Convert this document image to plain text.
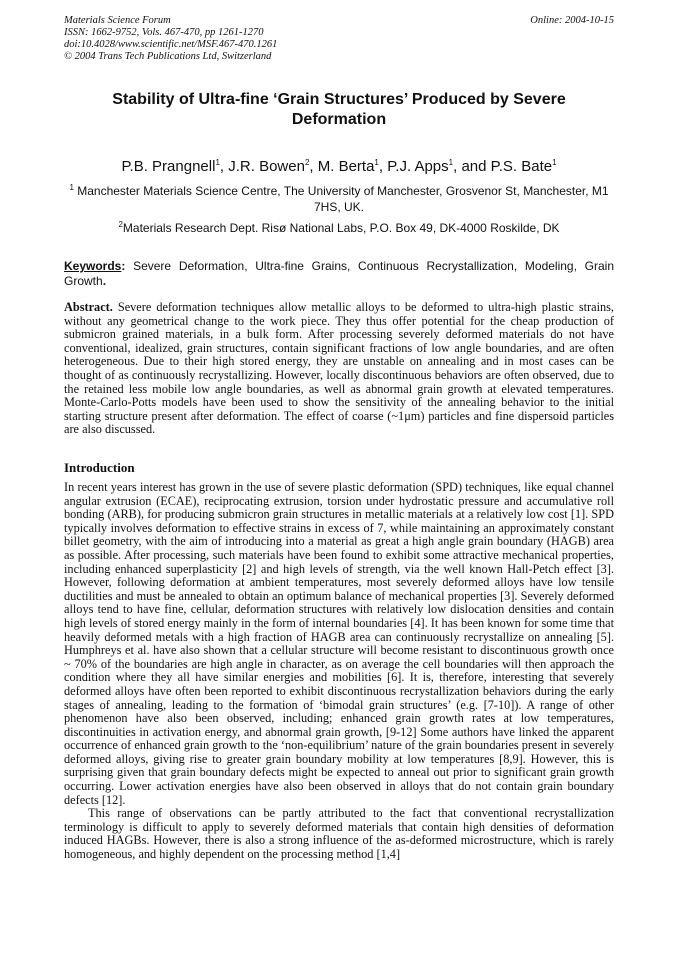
Materials Science Forum
ISSN: 1662-9752, Vols. 467-470, pp 1261-1270
doi:10.4028/www.scientific.net/MSF.467-470.1261
© 2004 Trans Tech Publications Ltd, Switzerland
Online: 2004-10-15
Stability of Ultra-fine ‘Grain Structures’ Produced by Severe Deformation
P.B. Prangnell$^1$, J.R. Bowen$^2$, M. Berta$^1$, P.J. Apps$^1$, and P.S. Bate$^1$
$^1$ Manchester Materials Science Centre, The University of Manchester, Grosvenor St, Manchester, M1 7HS, UK.
$^2$Materials Research Dept. Risø National Labs, P.O. Box 49, DK-4000 Roskilde, DK
Keywords: Severe Deformation, Ultra-fine Grains, Continuous Recrystallization, Modeling, Grain Growth.
Abstract. Severe deformation techniques allow metallic alloys to be deformed to ultra-high plastic strains, without any geometrical change to the work piece. They thus offer potential for the cheap production of submicron grained materials, in a bulk form. After processing severely deformed materials do not have conventional, idealized, grain structures, contain significant fractions of low angle boundaries, and are often heterogeneous. Due to their high stored energy, they are unstable on annealing and in most cases can be thought of as continuously recrystallizing. However, locally discontinuous behaviors are often observed, due to the retained less mobile low angle boundaries, as well as abnormal grain growth at elevated temperatures. Monte-Carlo-Potts models have been used to show the sensitivity of the annealing behavior to the initial starting structure present after deformation. The effect of coarse (~1μm) particles and fine dispersoid particles are also discussed.
Introduction

In recent years interest has grown in the use of severe plastic deformation (SPD) techniques, like equal channel angular extrusion (ECAE), reciprocating extrusion, torsion under hydrostatic pressure and accumulative roll bonding (ARB), for producing submicron grain structures in metallic materials at a relatively low cost [1]. SPD typically involves deformation to effective strains in excess of 7, while maintaining an approximately constant billet geometry, with the aim of introducing into a material as great a high angle grain boundary (HAGB) area as possible. After processing, such materials have been found to exhibit some attractive mechanical properties, including enhanced superplasticity [2] and high levels of strength, via the well known Hall-Petch effect [3]. However, following deformation at ambient temperatures, most severely deformed alloys have low tensile ductilities and must be annealed to obtain an optimum balance of mechanical properties [3]. Severely deformed alloys tend to have fine, cellular, deformation structures with relatively low dislocation densities and contain high levels of stored energy mainly in the form of internal boundaries [4]. It has been known for some time that heavily deformed metals with a high fraction of HAGB area can continuously recrystallize on annealing [5]. Humphreys et al. have also shown that a cellular structure will become resistant to discontinuous growth once ~ 70% of the boundaries are high angle in character, as on average the cell boundaries will then approach the condition where they all have similar energies and mobilities [6]. It is, therefore, interesting that severely deformed alloys have often been reported to exhibit discontinuous recrystallization behaviors during the early stages of annealing, leading to the formation of ‘bimodal grain structures’ (e.g. [7-10]). A range of other phenomenon have also been observed, including; enhanced grain growth rates at low temperatures, discontinuities in activation energy, and abnormal grain growth, [9-12] Some authors have linked the apparent occurrence of enhanced grain growth to the ‘non-equilibrium’ nature of the grain boundaries present in severely deformed alloys, giving rise to greater grain boundary mobility at low temperatures [8,9]. However, this is surprising given that grain boundary defects might be expected to anneal out prior to significant grain growth occurring. Lower activation energies have also been observed in alloys that do not contain grain boundary defects [12].

This range of observations can be partly attributed to the fact that conventional recrystallization terminology is difficult to apply to severely deformed materials that contain high densities of deformation induced HAGBs. However, there is also a strong influence of the as-deformed microstructure, which is rarely homogeneous, and highly dependent on the processing method [1,4]
